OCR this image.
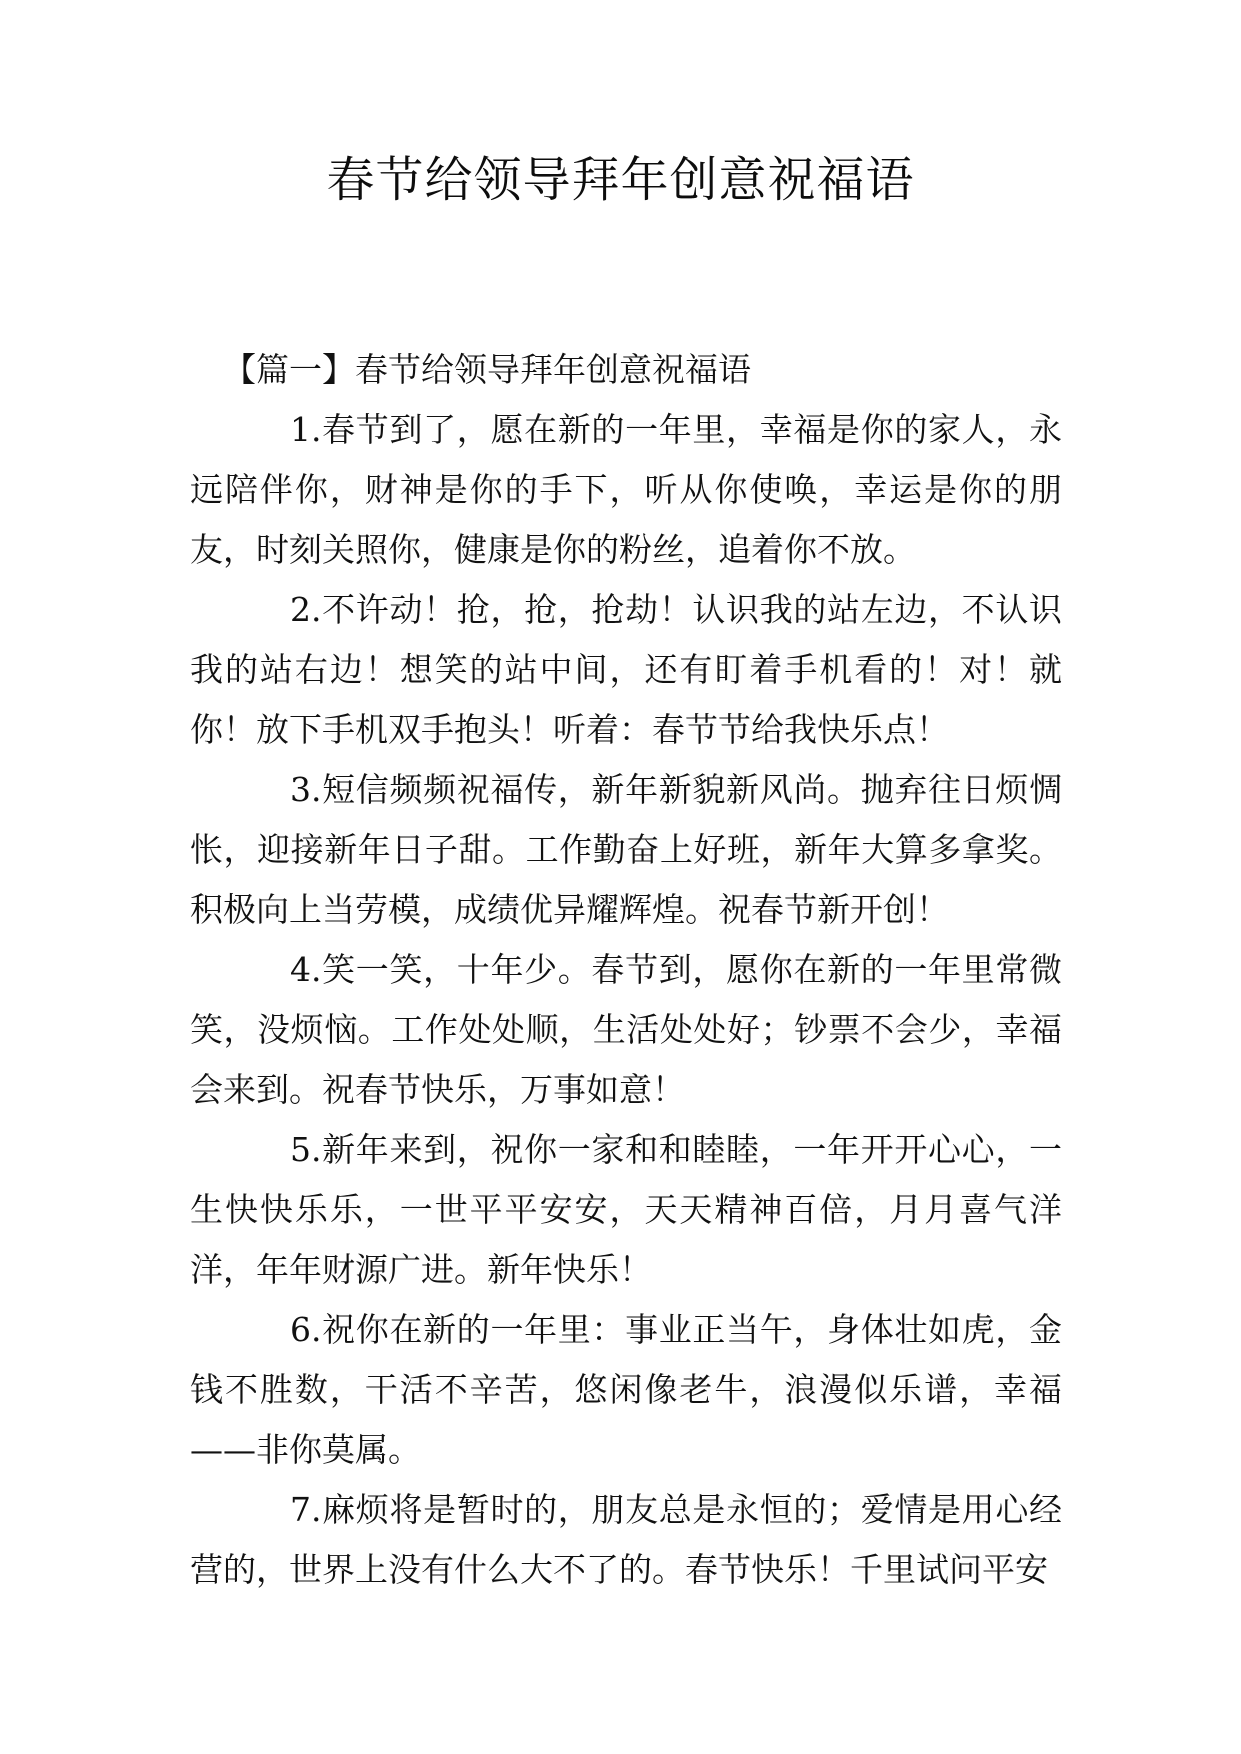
春节给领导拜年创意祝福语

【篇一】春节给领导拜年创意祝福语

1.春节到了，愿在新的一年里，幸福是你的家人，永远陪伴你，财神是你的手下，听从你使唤，幸运是你的朋友，时刻关照你，健康是你的粉丝，追着你不放。

2.不许动！抢，抢，抢劫！认识我的站左边，不认识我的站右边！想笑的站中间，还有盯着手机看的！对！就你！放下手机双手抱头！听着：春节节给我快乐点！

3.短信频频祝福传，新年新貌新风尚。抛弃往日烦惆怅，迎接新年日子甜。工作勤奋上好班，新年大算多拿奖。积极向上当劳模，成绩优异耀辉煌。祝春节新开创！

4.笑一笑，十年少。春节到，愿你在新的一年里常微笑，没烦恼。工作处处顺，生活处处好；钞票不会少，幸福会来到。祝春节快乐，万事如意！

5.新年来到，祝你一家和和睦睦，一年开开心心，一生快快乐乐，一世平平安安，天天精神百倍，月月喜气洋洋，年年财源广进。新年快乐！

6.祝你在新的一年里：事业正当午，身体壮如虎，金钱不胜数，干活不辛苦，悠闲像老牛，浪漫似乐谱，幸福——非你莫属。

7.麻烦将是暂时的，朋友总是永恒的；爱情是用心经营的，世界上没有什么大不了的。春节快乐！千里试问平安
